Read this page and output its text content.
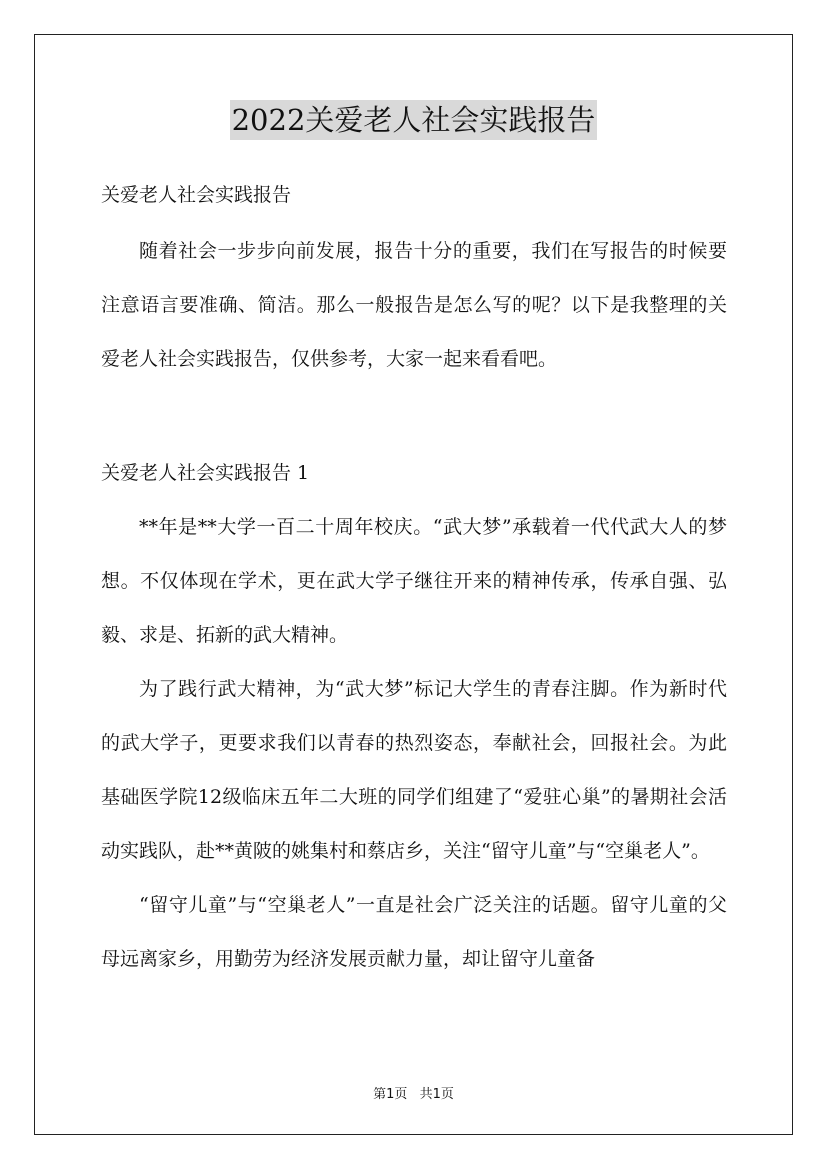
2022关爱老人社会实践报告

关爱老人社会实践报告

随着社会一步步向前发展，报告十分的重要，我们在写报告的时候要注意语言要准确、简洁。那么一般报告是怎么写的呢？以下是我整理的关爱老人社会实践报告，仅供参考，大家一起来看看吧。

关爱老人社会实践报告 1

**年是**大学一百二十周年校庆。“武大梦”承载着一代代武大人的梦想。不仅体现在学术，更在武大学子继往开来的精神传承，传承自强、弘毅、求是、拓新的武大精神。

为了践行武大精神，为“武大梦”标记大学生的青春注脚。作为新时代的武大学子，更要求我们以青春的热烈姿态，奉献社会，回报社会。为此基础医学院12级临床五年二大班的同学们组建了“爱驻心巢”的暑期社会活动实践队，赴**黄陂的姚集村和蔡店乡，关注“留守儿童”与“空巢老人”。

“留守儿童”与“空巢老人”一直是社会广泛关注的话题。留守儿童的父母远离家乡，用勤劳为经济发展贡献力量，却让留守儿童备

第1页 共1页
